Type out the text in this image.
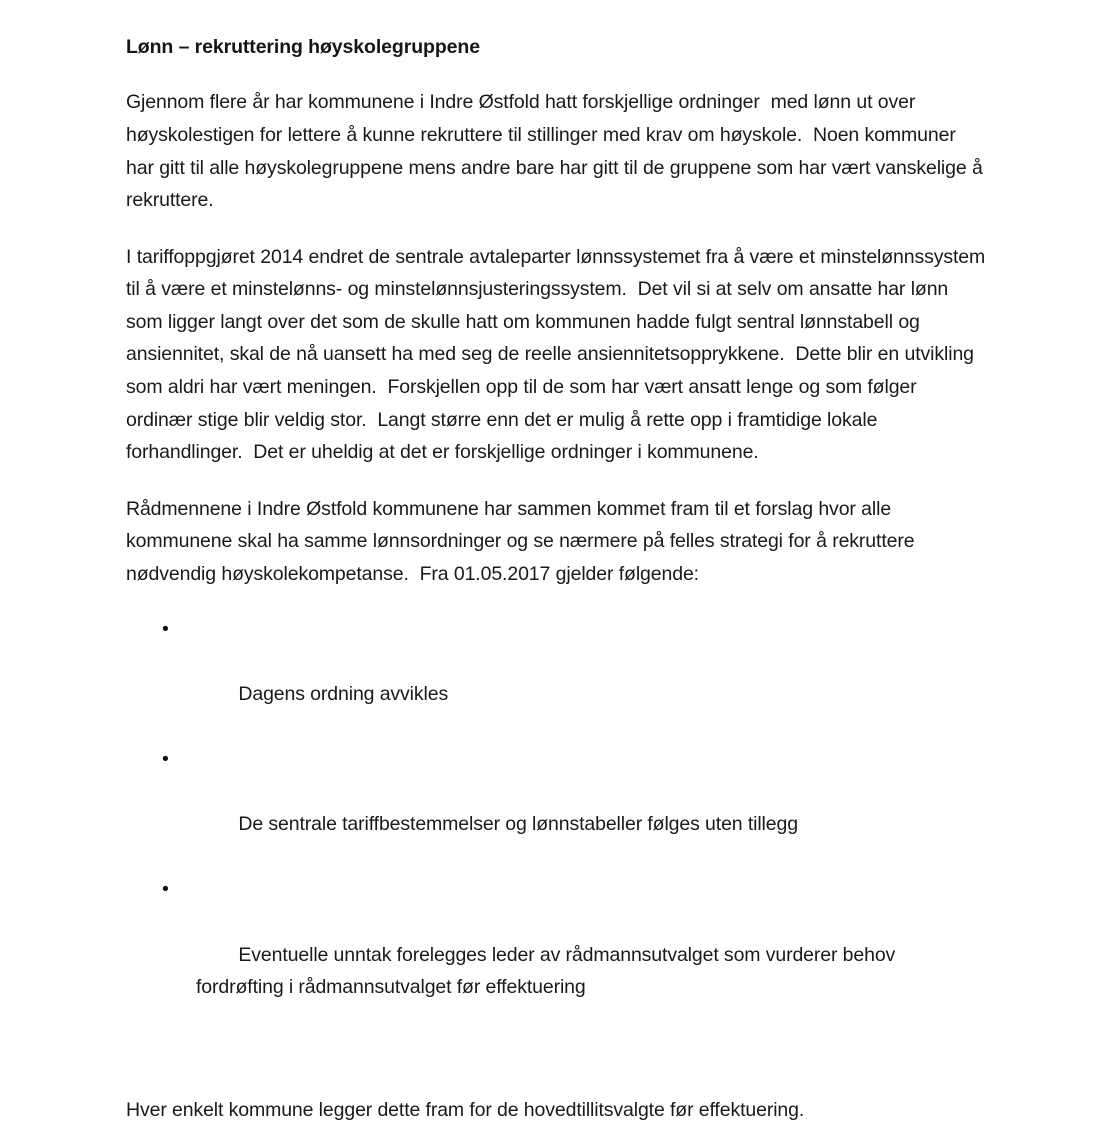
Lønn – rekruttering høyskolegruppene

Gjennom flere år har kommunene i Indre Østfold hatt forskjellige ordninger  med lønn ut over høyskolestigen for lettere å kunne rekruttere til stillinger med krav om høyskole.  Noen kommuner har gitt til alle høyskolegruppene mens andre bare har gitt til de gruppene som har vært vanskelige å rekruttere.

I tariffoppgjøret 2014 endret de sentrale avtaleparter lønnssystemet fra å være et minstelønnssystem til å være et minstelønns- og minstelønnsjusteringssystem.  Det vil si at selv om ansatte har lønn som ligger langt over det som de skulle hatt om kommunen hadde fulgt sentral lønnstabell og ansiennitet, skal de nå uansett ha med seg de reelle ansiennitetsopprykkene.  Dette blir en utvikling som aldri har vært meningen.  Forskjellen opp til de som har vært ansatt lenge og som følger ordinær stige blir veldig stor.  Langt større enn det er mulig å rette opp i framtidige lokale forhandlinger.  Det er uheldig at det er forskjellige ordninger i kommunene.

Rådmennene i Indre Østfold kommunene har sammen kommet fram til et forslag hvor alle kommunene skal ha samme lønnsordninger og se nærmere på felles strategi for å rekruttere nødvendig høyskolekompetanse.  Fra 01.05.2017 gjelder følgende:

•

Dagens ordning avvikles

•

De sentrale tariffbestemmelser og lønnstabeller følges uten tillegg

•

Eventuelle unntak forelegges leder av rådmannsutvalget som vurderer behov fordrøfting i rådmannsutvalget før effektuering

Hver enkelt kommune legger dette fram for de hovedtillitsvalgte før effektuering.
